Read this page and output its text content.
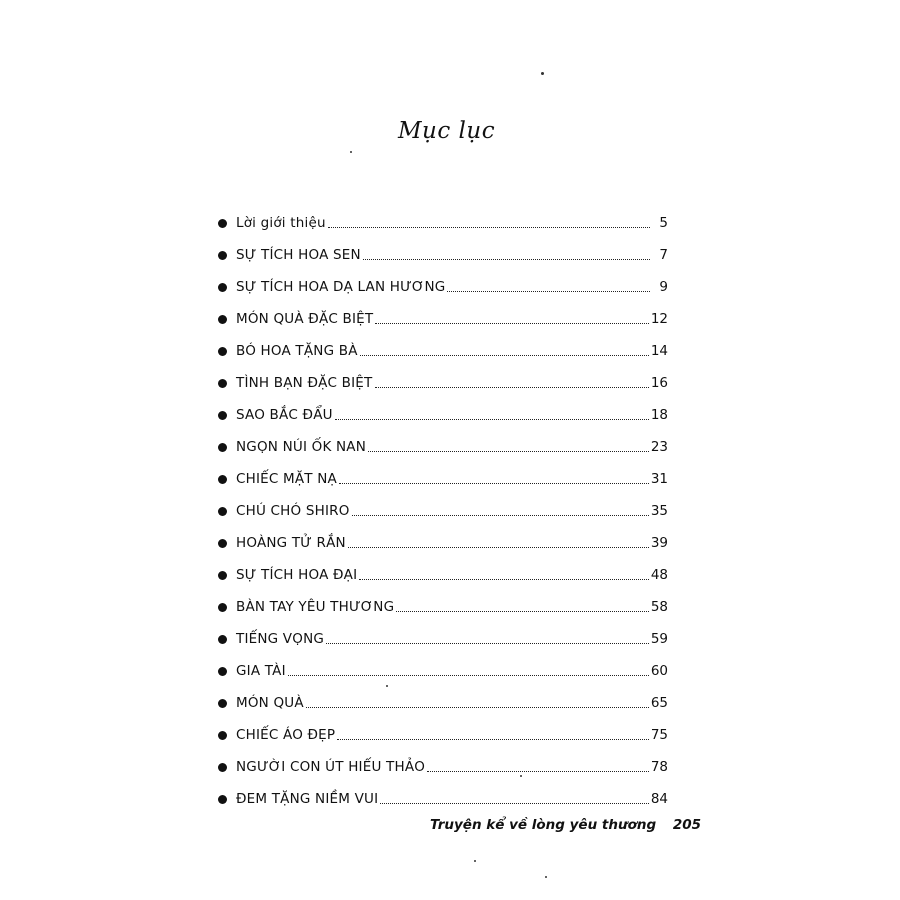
Mục lục
Lời giới thiệu	5
SỰ TÍCH HOA SEN	7
SỰ TÍCH HOA DẠ LAN HƯƠNG	9
MÓN QUÀ ĐẶC BIỆT	12
BÓ HOA TẶNG BÀ	14
TÌNH BẠN ĐẶC BIỆT	16
SAO BẮC ĐẨU	18
NGỌN NÚI ỐK NAN	23
CHIẾC MẶT NẠ	31
CHÚ CHÓ SHIRO	35
HOÀNG TỬ RẮN	39
SỰ TÍCH HOA ĐẠI	48
BÀN TAY YÊU THƯƠNG	58
TIẾNG VỌNG	59
GIA TÀI	60
MÓN QUÀ	65
CHIẾC ÁO ĐẸP	75
NGƯỜI CON ÚT HIẾU THẢO	78
ĐEM TẶNG NIỀM VUI	84
Truyện kể về lòng yêu thương 205
